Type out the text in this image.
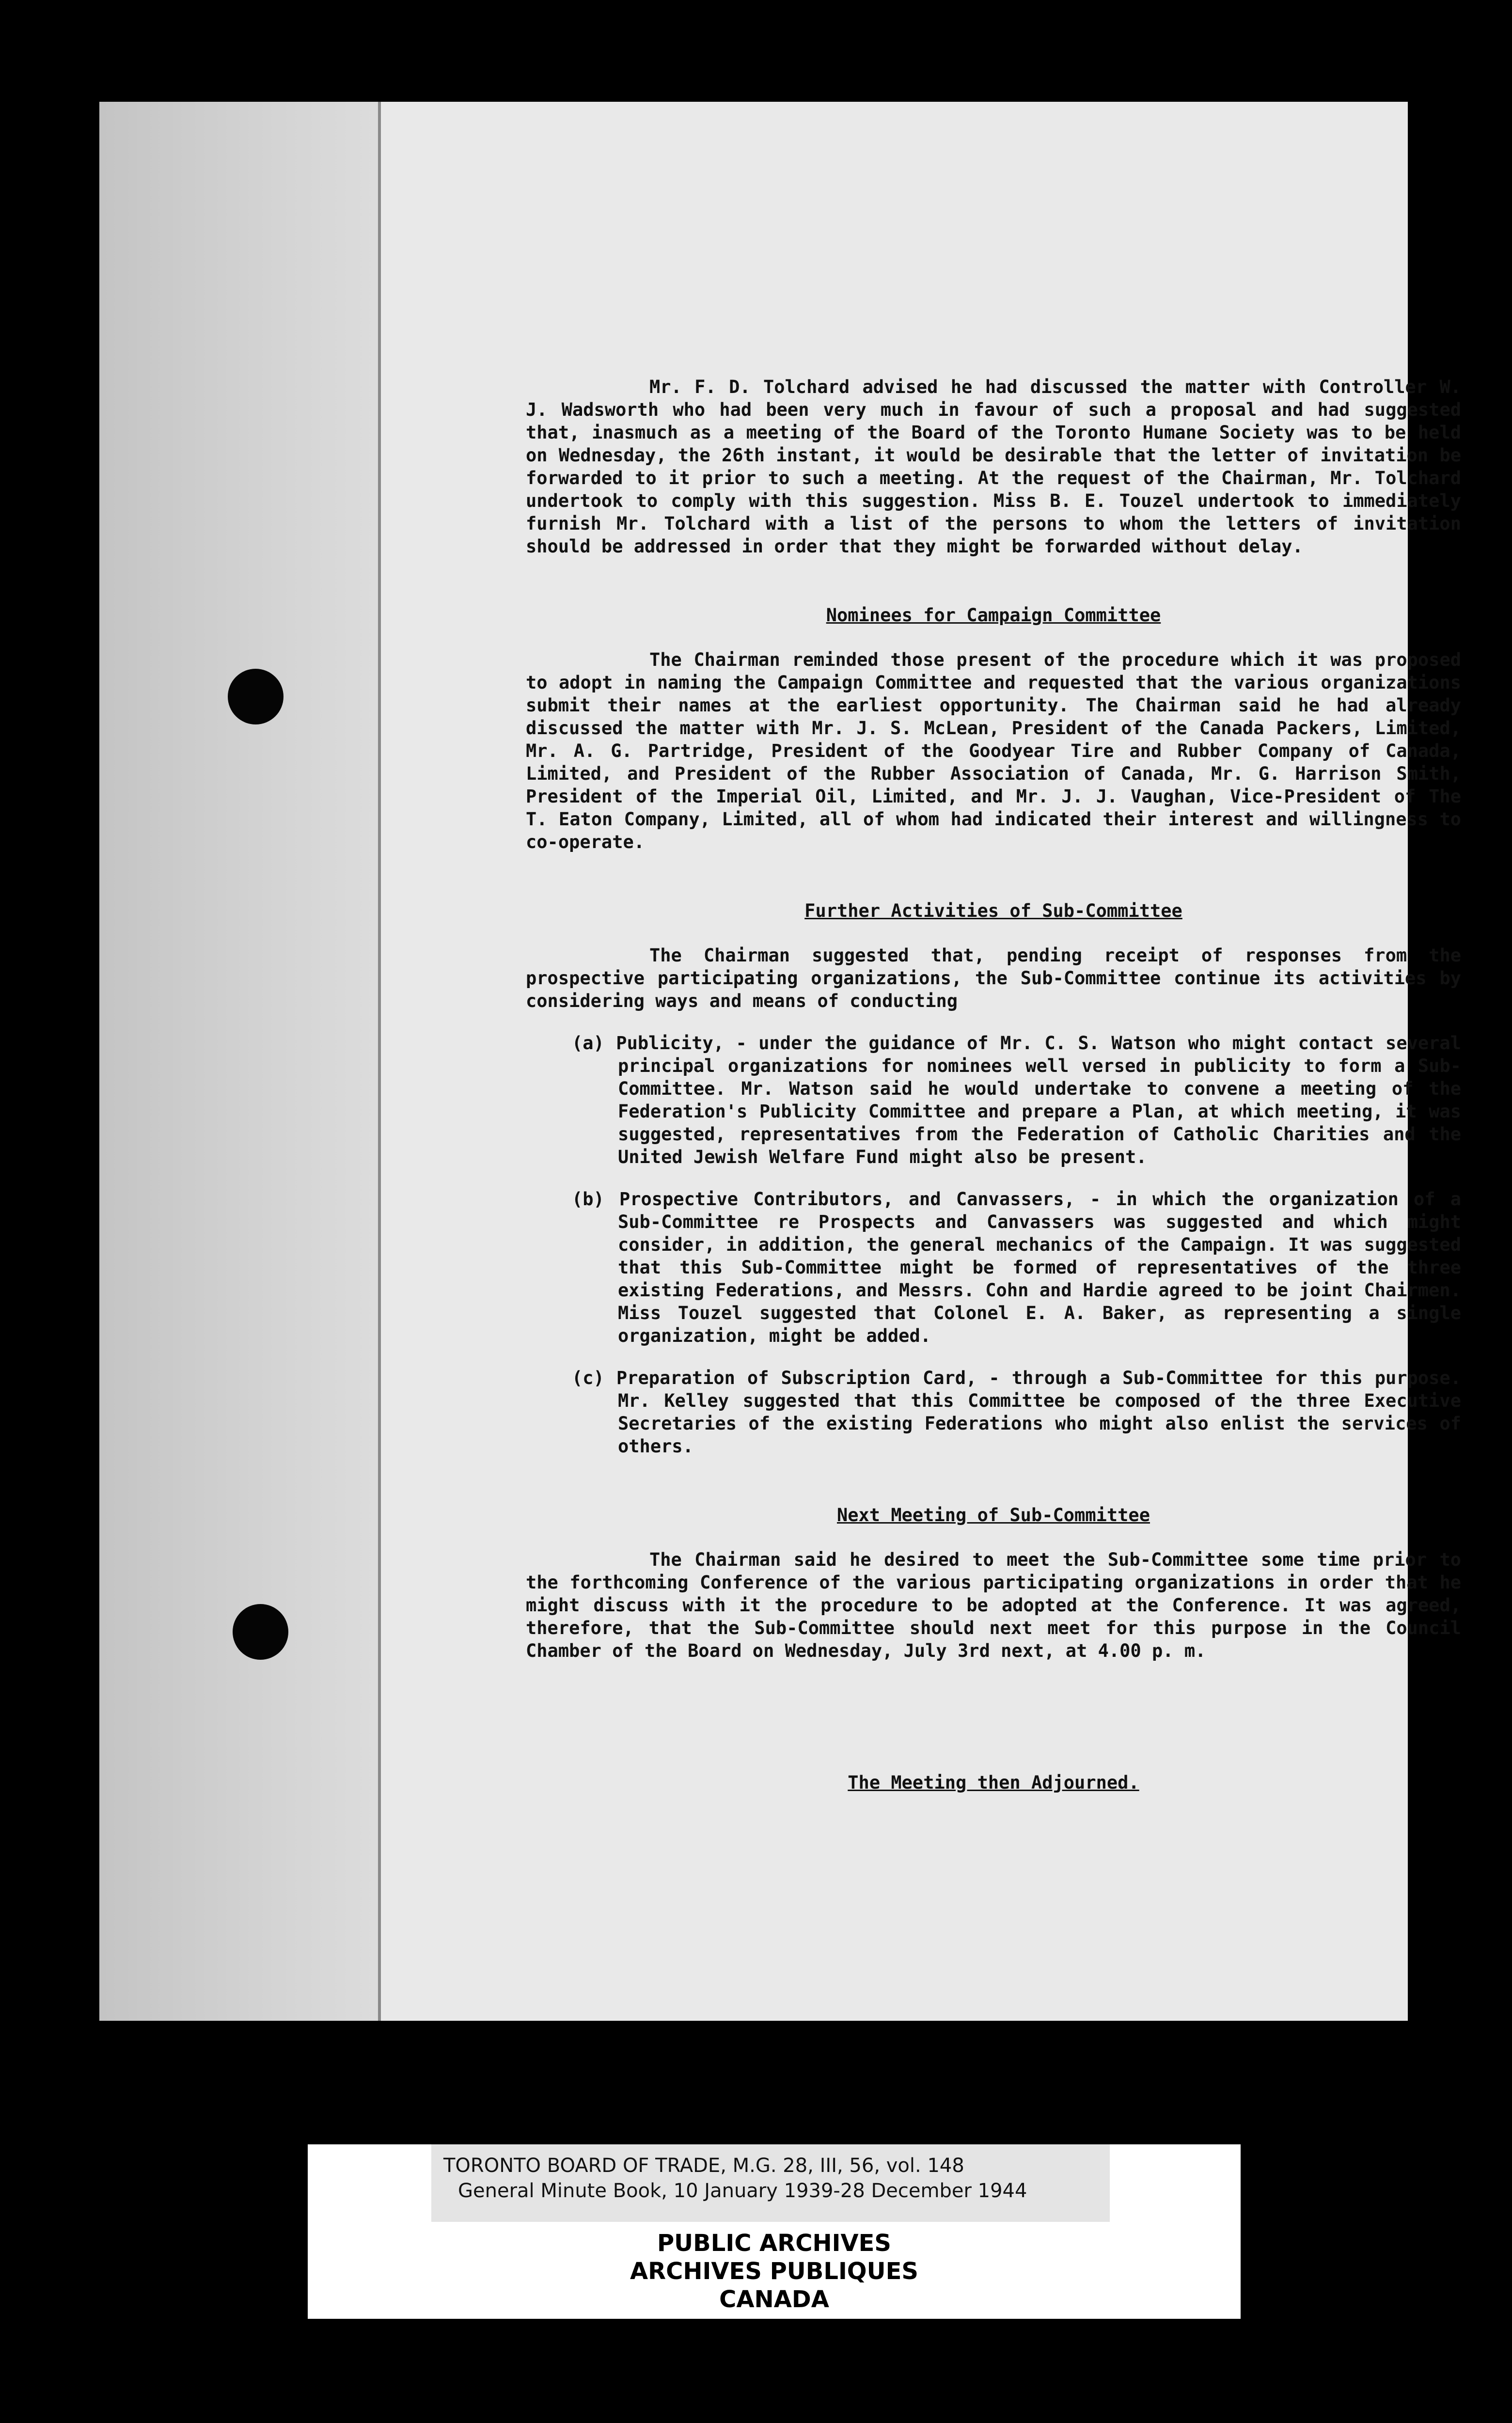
Mr. F. D. Tolchard advised he had discussed the matter with Controller W. J. Wadsworth who had been very much in favour of such a proposal and had suggested that, inasmuch as a meeting of the Board of the Toronto Humane Society was to be held on Wednesday, the 26th instant, it would be desirable that the letter of invitation be forwarded to it prior to such a meeting. At the request of the Chairman, Mr. Tolchard undertook to comply with this suggestion. Miss B. E. Touzel undertook to immediately furnish Mr. Tolchard with a list of the persons to whom the letters of invitation should be addressed in order that they might be forwarded without delay.

Nominees for Campaign Committee

The Chairman reminded those present of the procedure which it was proposed to adopt in naming the Campaign Committee and requested that the various organizations submit their names at the earliest opportunity. The Chairman said he had already discussed the matter with Mr. J. S. McLean, President of the Canada Packers, Limited, Mr. A. G. Partridge, President of the Goodyear Tire and Rubber Company of Canada, Limited, and President of the Rubber Association of Canada, Mr. G. Harrison Smith, President of the Imperial Oil, Limited, and Mr. J. J. Vaughan, Vice-President of The T. Eaton Company, Limited, all of whom had indicated their interest and willingness to co-operate.

Further Activities of Sub-Committee

The Chairman suggested that, pending receipt of responses from the prospective participating organizations, the Sub-Committee continue its activities by considering ways and means of conducting

(a) Publicity, - under the guidance of Mr. C. S. Watson who might contact several principal organizations for nominees well versed in publicity to form a Sub-Committee. Mr. Watson said he would undertake to convene a meeting of the Federation's Publicity Committee and prepare a Plan, at which meeting, it was suggested, representatives from the Federation of Catholic Charities and the United Jewish Welfare Fund might also be present.

(b) Prospective Contributors, and Canvassers, - in which the organization of a Sub-Committee re Prospects and Canvassers was suggested and which might consider, in addition, the general mechanics of the Campaign. It was suggested that this Sub-Committee might be formed of representatives of the three existing Federations, and Messrs. Cohn and Hardie agreed to be joint Chairmen. Miss Touzel suggested that Colonel E. A. Baker, as representing a single organization, might be added.

(c) Preparation of Subscription Card, - through a Sub-Committee for this purpose. Mr. Kelley suggested that this Committee be composed of the three Executive Secretaries of the existing Federations who might also enlist the services of others.

Next Meeting of Sub-Committee

The Chairman said he desired to meet the Sub-Committee some time prior to the forthcoming Conference of the various participating organizations in order that he might discuss with it the procedure to be adopted at the Conference. It was agreed, therefore, that the Sub-Committee should next meet for this purpose in the Council Chamber of the Board on Wednesday, July 3rd next, at 4.00 p. m.

The Meeting then Adjourned.
TORONTO BOARD OF TRADE, M.G. 28, III, 56, vol. 148
General Minute Book, 10 January 1939-28 December 1944
PUBLIC ARCHIVES
ARCHIVES PUBLIQUES
CANADA
